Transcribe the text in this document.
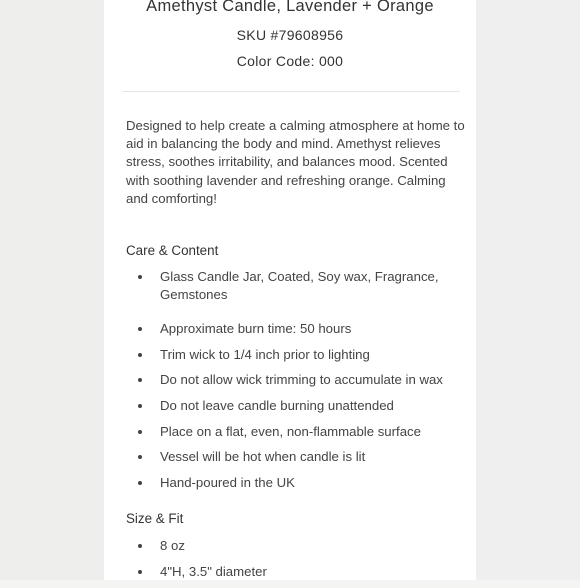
Amethyst Candle, Lavender + Orange
SKU #79608956
Color Code: 000
Designed to help create a calming atmosphere at home to aid in balancing the body and mind. Amethyst relieves stress, soothes irritability, and balances mood. Scented with soothing lavender and refreshing orange. Calming and comforting!
Care & Content
Glass Candle Jar, Coated, Soy wax, Fragrance, Gemstones
Approximate burn time: 50 hours
Trim wick to 1/4 inch prior to lighting
Do not allow wick trimming to accumulate in wax
Do not leave candle burning unattended
Place on a flat, even, non-flammable surface
Vessel will be hot when candle is lit
Hand-poured in the UK
Size & Fit
8 oz
4"H, 3.5" diameter
